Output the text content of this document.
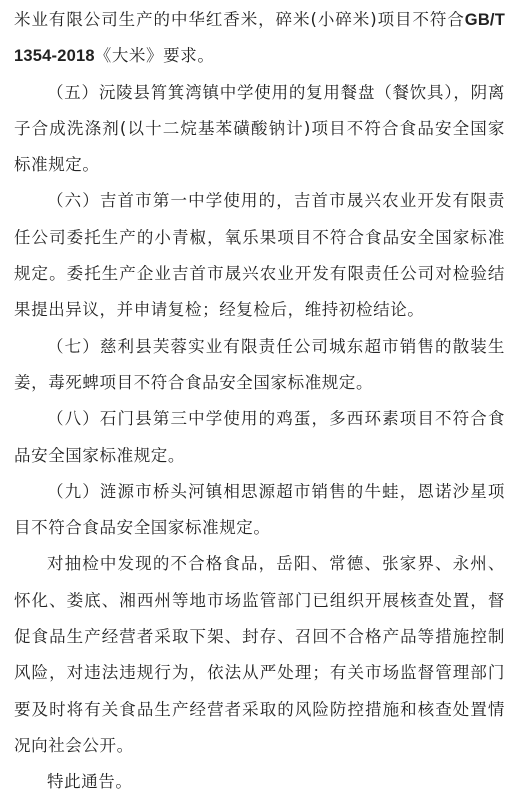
米业有限公司生产的中华红香米，碎米(小碎米)项目不符合GB/T 1354-2018《大米》要求。

（五）沅陵县筲箕湾镇中学使用的复用餐盘（餐饮具），阴离子合成洗涤剂(以十二烷基苯磺酸钠计)项目不符合食品安全国家标准规定。

（六）吉首市第一中学使用的，吉首市晟兴农业开发有限责任公司委托生产的小青椒，氧乐果项目不符合食品安全国家标准规定。委托生产企业吉首市晟兴农业开发有限责任公司对检验结果提出异议，并申请复检；经复检后，维持初检结论。

（七）慈利县芙蓉实业有限责任公司城东超市销售的散装生姜，毒死蜱项目不符合食品安全国家标准规定。

（八）石门县第三中学使用的鸡蛋，多西环素项目不符合食品安全国家标准规定。

（九）涟源市桥头河镇相思源超市销售的牛蛙，恩诺沙星项目不符合食品安全国家标准规定。

对抽检中发现的不合格食品，岳阳、常德、张家界、永州、怀化、娄底、湘西州等地市场监管部门已组织开展核查处置，督促食品生产经营者采取下架、封存、召回不合格产品等措施控制风险，对违法违规行为，依法从严处理；有关市场监督管理部门要及时将有关食品生产经营者采取的风险防控措施和核查处置情况向社会公开。

特此通告。
